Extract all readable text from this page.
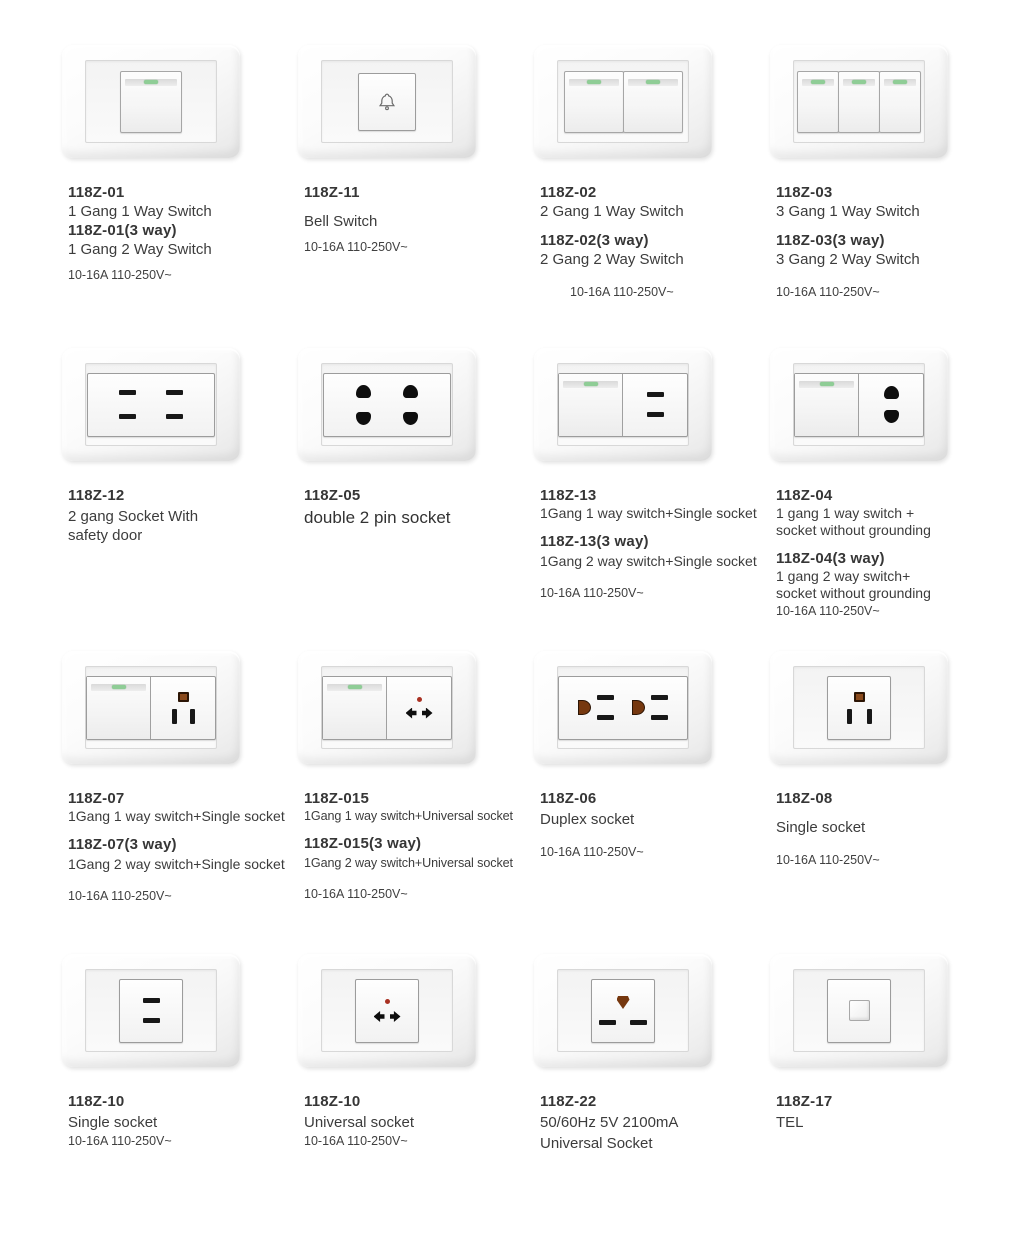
118Z-01
1 Gang 1 Way Switch
118Z-01(3 way)
1 Gang 2 Way Switch
10-16A 110-250V~
118Z-11
Bell Switch
10-16A 110-250V~
118Z-02
2 Gang 1 Way Switch
118Z-02(3 way)
2 Gang 2 Way Switch
10-16A 110-250V~
118Z-03
3 Gang 1 Way Switch
118Z-03(3 way)
3 Gang 2 Way Switch
10-16A 110-250V~
118Z-12
2 gang Socket With
safety door
118Z-05
double 2 pin socket
118Z-13
1Gang 1 way switch+Single socket
118Z-13(3 way)
1Gang 2 way switch+Single socket
10-16A 110-250V~
118Z-04
1 gang 1 way switch +
socket without grounding
118Z-04(3 way)
1 gang 2 way switch+
socket without grounding
10-16A 110-250V~
118Z-07
1Gang 1 way switch+Single socket
118Z-07(3 way)
1Gang 2 way switch+Single socket
10-16A 110-250V~
118Z-015
1Gang 1 way switch+Universal socket
118Z-015(3 way)
1Gang 2 way switch+Universal socket
10-16A 110-250V~
118Z-06
Duplex socket
10-16A 110-250V~
118Z-08
Single socket
10-16A 110-250V~
118Z-10
Single socket
10-16A 110-250V~
118Z-10
Universal socket
10-16A 110-250V~
118Z-22
50/60Hz 5V 2100mA
Universal Socket
118Z-17
TEL
